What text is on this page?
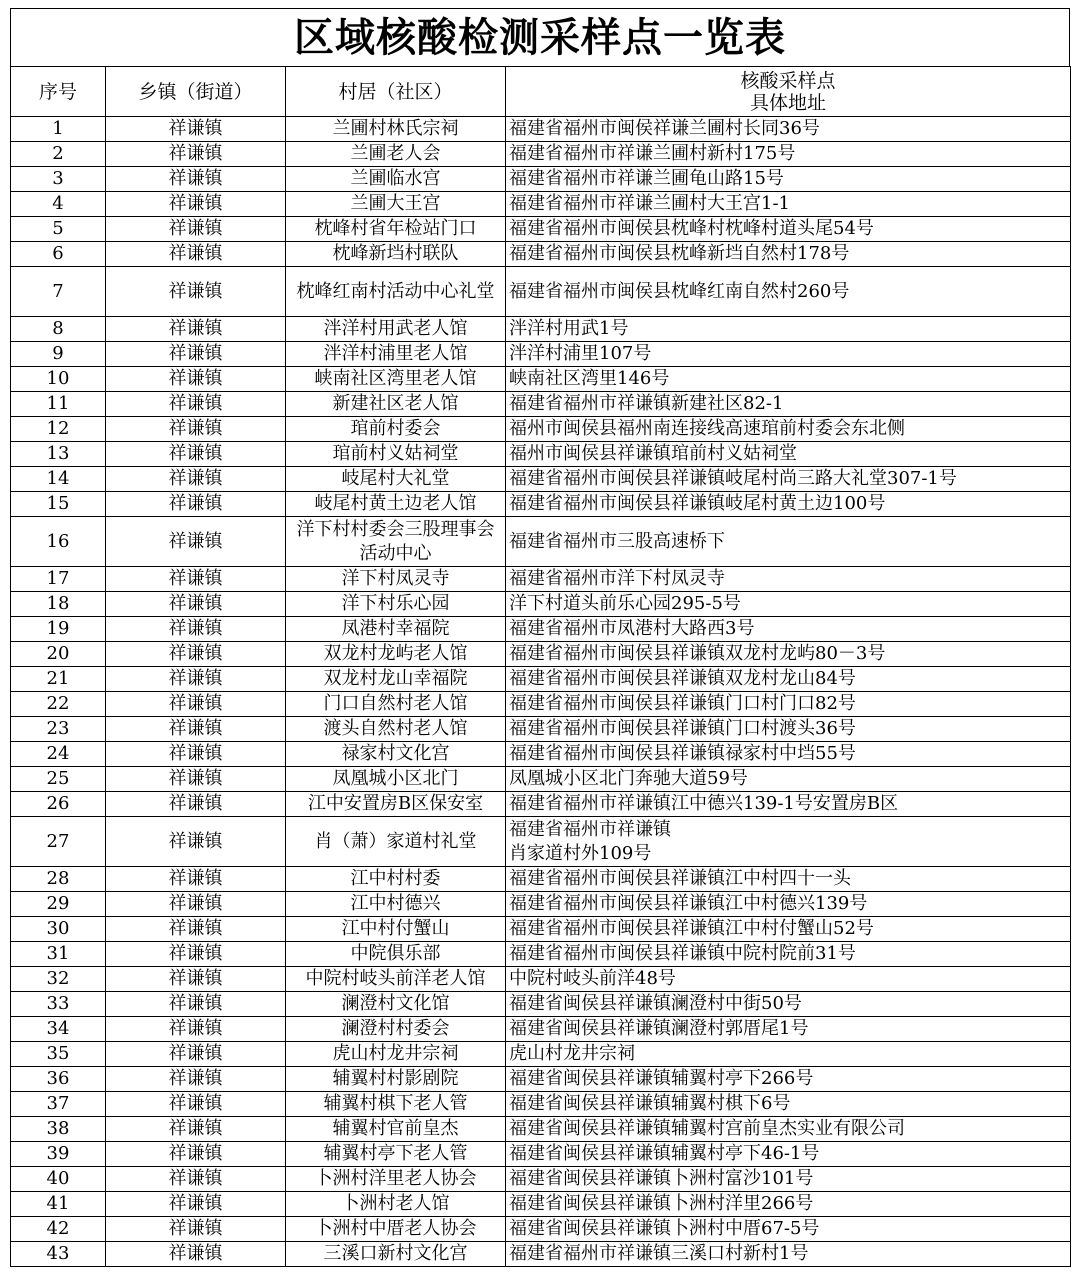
区域核酸检测采样点一览表
序号	乡镇（街道）	村居（社区）	核酸采样点
具体地址

1	祥谦镇	兰圃村林氏宗祠	福建省福州市闽侯祥谦兰圃村长同36号
2	祥谦镇	兰圃老人会	福建省福州市祥谦兰圃村新村175号
3	祥谦镇	兰圃临水宫	福建省福州市祥谦兰圃龟山路15号
4	祥谦镇	兰圃大王宫	福建省福州市祥谦兰圃村大王宫1-1
5	祥谦镇	枕峰村省年检站门口	福建省福州市闽侯县枕峰村枕峰村道头尾54号
6	祥谦镇	枕峰新垱村联队	福建省福州市闽侯县枕峰新垱自然村178号
7	祥谦镇	枕峰红南村活动中心礼堂	福建省福州市闽侯县枕峰红南自然村260号
8	祥谦镇	泮洋村用武老人馆	泮洋村用武1号
9	祥谦镇	泮洋村浦里老人馆	泮洋村浦里107号
10	祥谦镇	峡南社区湾里老人馆	峡南社区湾里146号
11	祥谦镇	新建社区老人馆	福建省福州市祥谦镇新建社区82-1
12	祥谦镇	琯前村委会	福州市闽侯县福州南连接线高速琯前村委会东北侧
13	祥谦镇	琯前村义姑祠堂	福州市闽侯县祥谦镇琯前村义姑祠堂
14	祥谦镇	岐尾村大礼堂	福建省福州市闽侯县祥谦镇岐尾村尚三路大礼堂307-1号
15	祥谦镇	岐尾村黄土边老人馆	福建省福州市闽侯县祥谦镇岐尾村黄土边100号
16	祥谦镇	洋下村村委会三股理事会活动中心	福建省福州市三股高速桥下
17	祥谦镇	洋下村凤灵寺	福建省福州市洋下村凤灵寺
18	祥谦镇	洋下村乐心园	洋下村道头前乐心园295-5号
19	祥谦镇	凤港村幸福院	福建省福州市凤港村大路西3号
20	祥谦镇	双龙村龙屿老人馆	福建省福州市闽侯县祥谦镇双龙村龙屿80－3号
21	祥谦镇	双龙村龙山幸福院	福建省福州市闽侯县祥谦镇双龙村龙山84号
22	祥谦镇	门口自然村老人馆	福建省福州市闽侯县祥谦镇门口村门口82号
23	祥谦镇	渡头自然村老人馆	福建省福州市闽侯县祥谦镇门口村渡头36号
24	祥谦镇	禄家村文化宫	福建省福州市闽侯县祥谦镇禄家村中垱55号
25	祥谦镇	凤凰城小区北门	凤凰城小区北门奔驰大道59号
26	祥谦镇	江中安置房B区保安室	福建省福州市祥谦镇江中德兴139-1号安置房B区
27	祥谦镇	肖（萧）家道村礼堂	福建省福州市祥谦镇
肖家道村外109号
28	祥谦镇	江中村村委	福建省福州市闽侯县祥谦镇江中村四十一头
29	祥谦镇	江中村德兴	福建省福州市闽侯县祥谦镇江中村德兴139号
30	祥谦镇	江中村付蟹山	福建省福州市闽侯县祥谦镇江中村付蟹山52号
31	祥谦镇	中院俱乐部	福建省福州市闽侯县祥谦镇中院村院前31号
32	祥谦镇	中院村岐头前洋老人馆	中院村岐头前洋48号
33	祥谦镇	澜澄村文化馆	福建省闽侯县祥谦镇澜澄村中街50号
34	祥谦镇	澜澄村村委会	福建省闽侯县祥谦镇澜澄村郭厝尾1号
35	祥谦镇	虎山村龙井宗祠	虎山村龙井宗祠
36	祥谦镇	辅翼村村影剧院	福建省闽侯县祥谦镇辅翼村亭下266号
37	祥谦镇	辅翼村棋下老人管	福建省闽侯县祥谦镇辅翼村棋下6号
38	祥谦镇	辅翼村官前皇杰	福建省闽侯县祥谦镇辅翼村宫前皇杰实业有限公司
39	祥谦镇	辅翼村亭下老人管	福建省闽侯县祥谦镇辅翼村亭下46-1号
40	祥谦镇	卜洲村洋里老人协会	福建省闽侯县祥谦镇卜洲村富沙101号
41	祥谦镇	卜洲村老人馆	福建省闽侯县祥谦镇卜洲村洋里266号
42	祥谦镇	卜洲村中厝老人协会	福建省闽侯县祥谦镇卜洲村中厝67-5号
43	祥谦镇	三溪口新村文化宫	福建省福州市祥谦镇三溪口村新村1号
